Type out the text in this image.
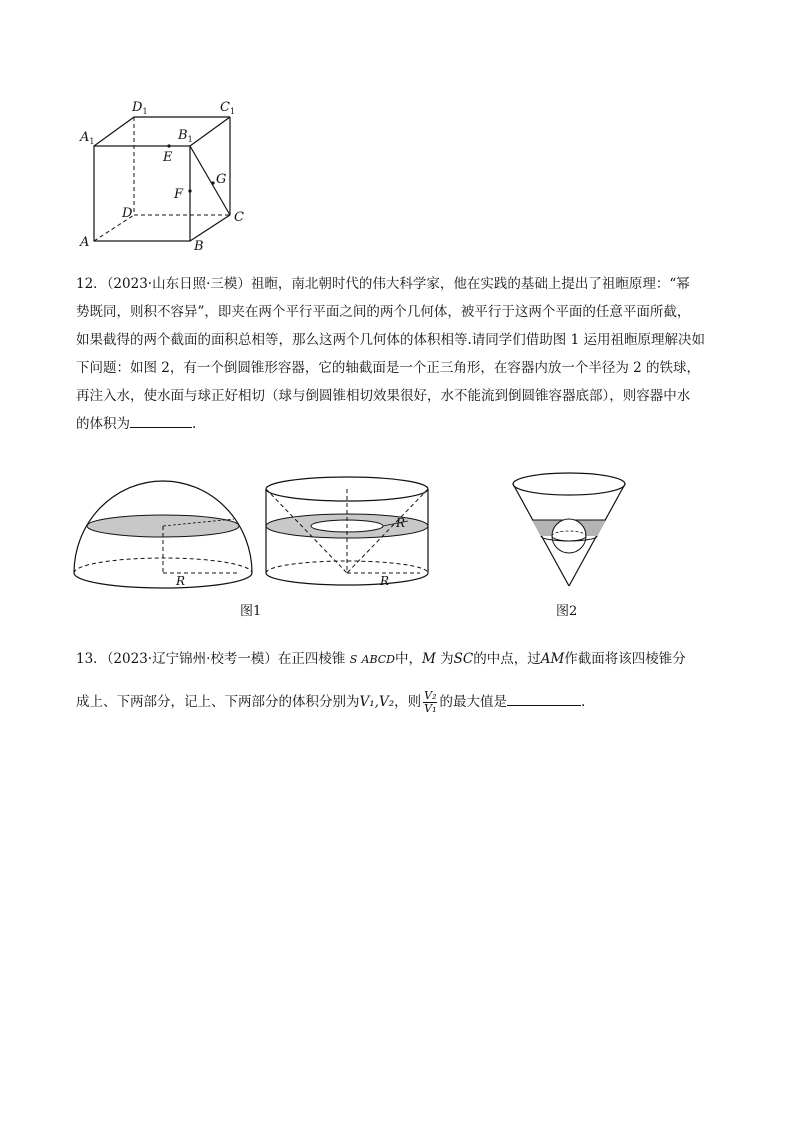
$D_1$	$C_1$
$A_1$	$B_1$
E
F
G
D	C
A	B

12．（2023·山东日照·三模）祖暅，南北朝时代的伟大科学家，他在实践的基础上提出了祖暅原理：“幂

势既同，则积不容异”，即夹在两个平行平面之间的两个几何体，被平行于这两个平面的任意平面所截，

如果截得的两个截面的面积总相等，那么这两个几何体的体积相等.请同学们借助图 1 运用祖暅原理解决如

下问题：如图 2，有一个倒圆锥形容器，它的轴截面是一个正三角形，在容器内放一个半径为 2 的铁球，

再注入水，使水面与球正好相切（球与倒圆锥相切效果很好，水不能流到倒圆锥容器底部），则容器中水

的体积为	.

R
R
R
图1	图2

13．（2023·辽宁锦州·校考一模）在正四棱锥 S ABCD中，M 为SC的中点，过AM作截面将该四棱锥分

成上、下两部分，记上、下两部分的体积分别为V₁,V₂，则 $\frac{\text{V₂}}{\text{V₁}}$ 的最大值是	.
